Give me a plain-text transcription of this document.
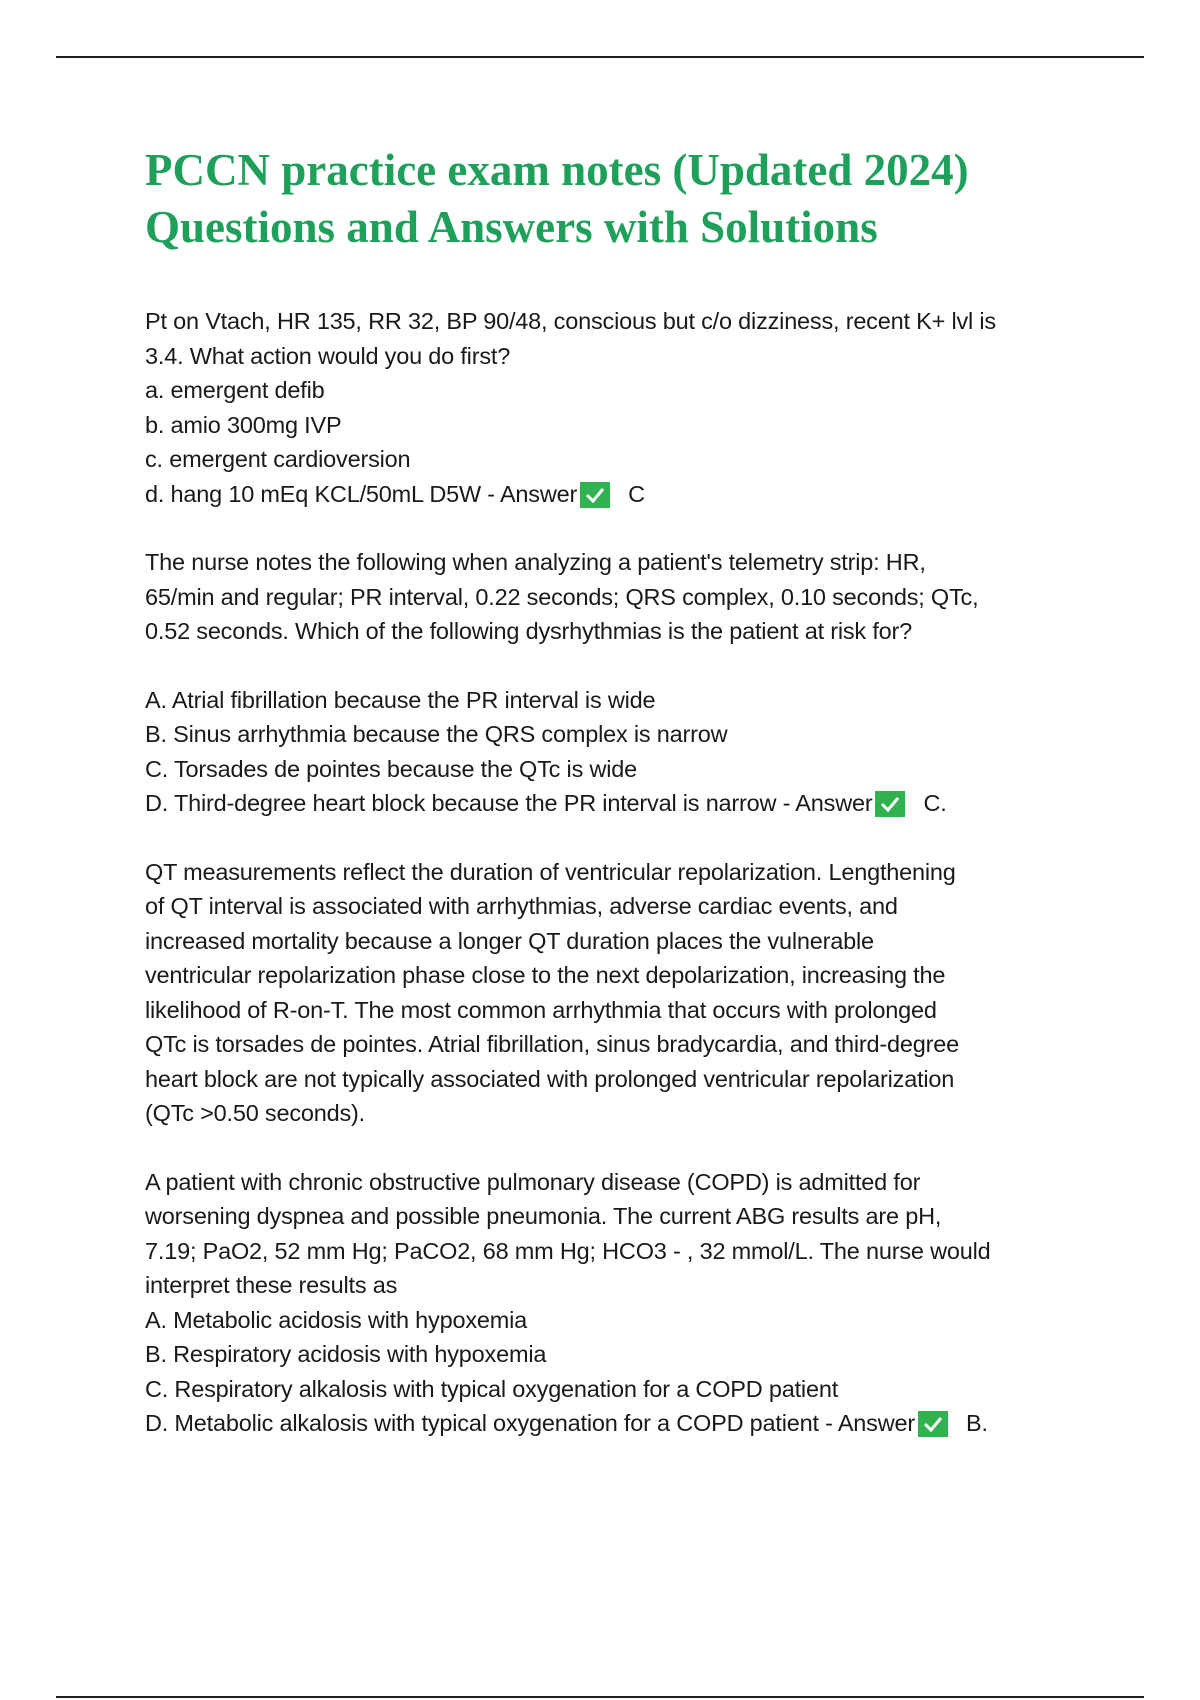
PCCN practice exam notes (Updated 2024)
Questions and Answers with Solutions

Pt on Vtach, HR 135, RR 32, BP 90/48, conscious but c/o dizziness, recent K+ lvl is

3.4. What action would you do first?

a. emergent defib
b. amio 300mg IVP
c. emergent cardioversion
d. hang 10 mEq KCL/50mL D5W - Answer C

The nurse notes the following when analyzing a patient's telemetry strip: HR,

65/min and regular; PR interval, 0.22 seconds; QRS complex, 0.10 seconds; QTc,

0.52 seconds. Which of the following dysrhythmias is the patient at risk for?

A. Atrial fibrillation because the PR interval is wide
B. Sinus arrhythmia because the QRS complex is narrow
C. Torsades de pointes because the QTc is wide
D. Third-degree heart block because the PR interval is narrow - Answer C.

QT measurements reflect the duration of ventricular repolarization. Lengthening

of QT interval is associated with arrhythmias, adverse cardiac events, and

increased mortality because a longer QT duration places the vulnerable

ventricular repolarization phase close to the next depolarization, increasing the

likelihood of R-on-T. The most common arrhythmia that occurs with prolonged

QTc is torsades de pointes. Atrial fibrillation, sinus bradycardia, and third-degree

heart block are not typically associated with prolonged ventricular repolarization

(QTc >0.50 seconds).

A patient with chronic obstructive pulmonary disease (COPD) is admitted for

worsening dyspnea and possible pneumonia. The current ABG results are pH,

7.19; PaO2, 52 mm Hg; PaCO2, 68 mm Hg; HCO3 - , 32 mmol/L. The nurse would

interpret these results as

A. Metabolic acidosis with hypoxemia
B. Respiratory acidosis with hypoxemia
C. Respiratory alkalosis with typical oxygenation for a COPD patient
D. Metabolic alkalosis with typical oxygenation for a COPD patient - Answer B.
